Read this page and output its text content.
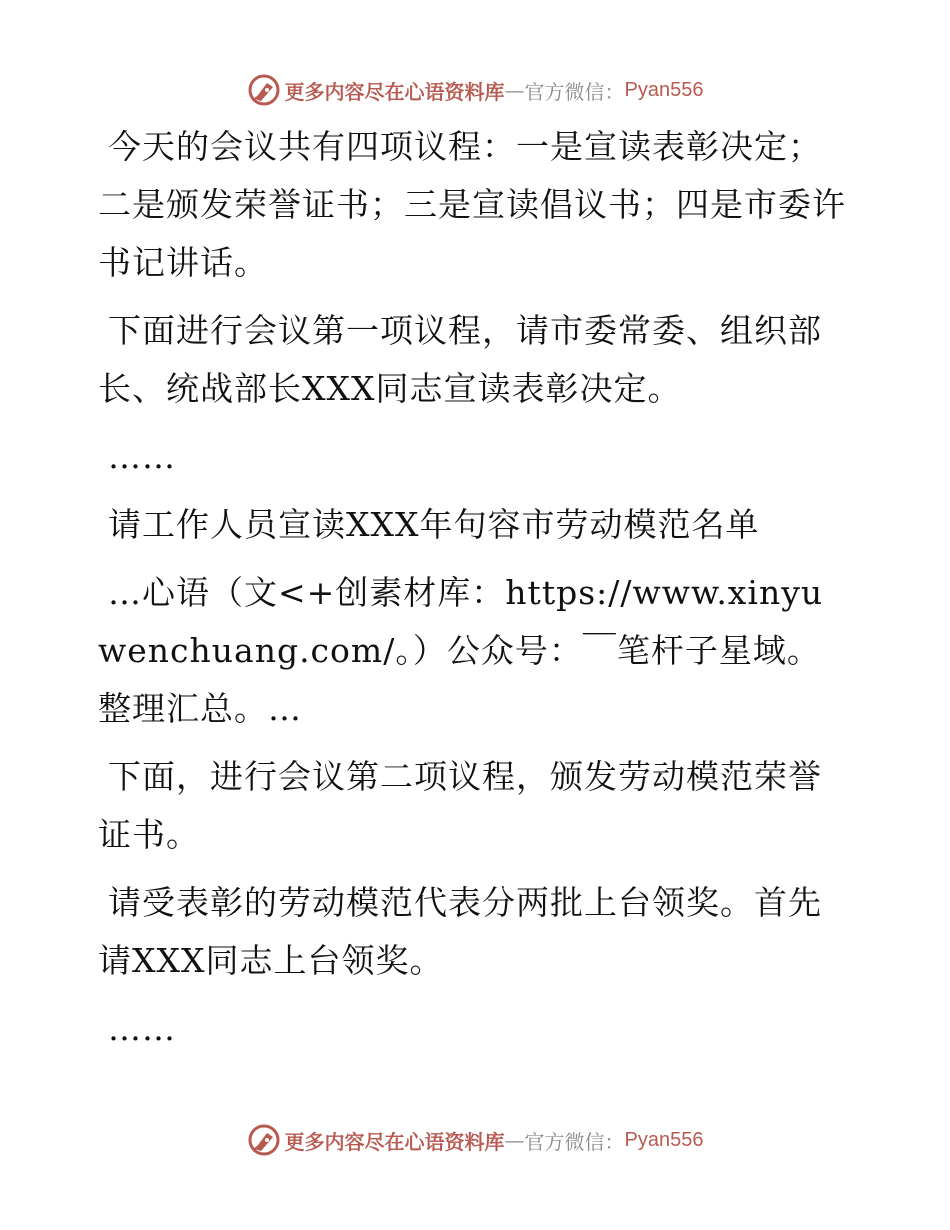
更多内容尽在心语资料库 — 官方微信： Pyan556

今天的会议共有四项议程：一是宣读表彰决定；二是颁发荣誉证书；三是宣读倡议书；四是市委许书记讲话。

下面进行会议第一项议程，请市委常委、组织部长、统战部长XXX同志宣读表彰决定。

……

请工作人员宣读XXX年句容市劳动模范名单

…心语（文<+创素材库：https://www.xinyuwenchuang.com/。）公众号：￣笔杆子星域。整理汇总。…

下面，进行会议第二项议程，颁发劳动模范荣誉证书。

请受表彰的劳动模范代表分两批上台领奖。首先请XXX同志上台领奖。

……

更多内容尽在心语资料库 — 官方微信： Pyan556
